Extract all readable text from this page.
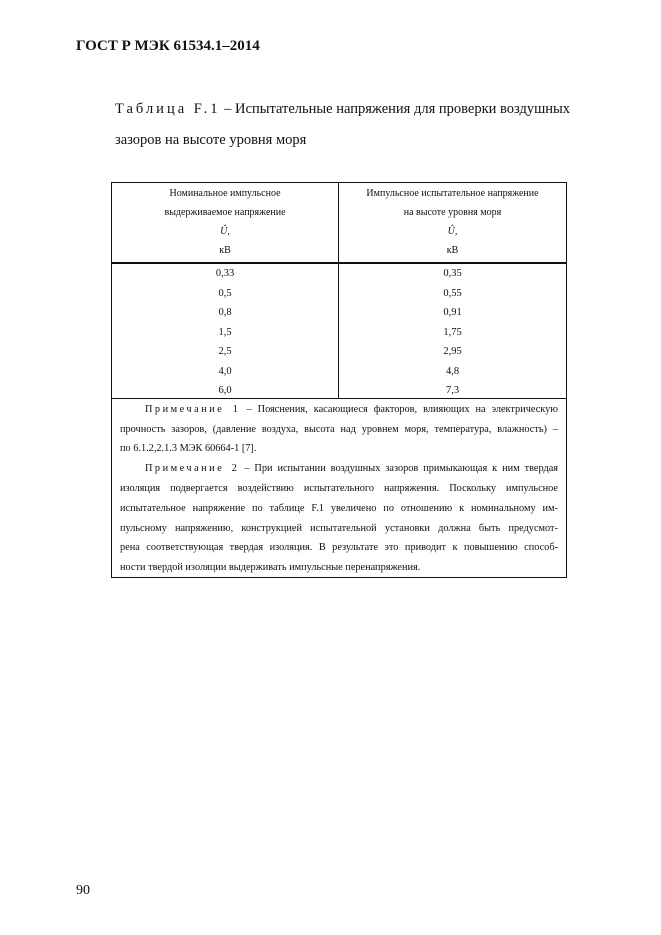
ГОСТ Р МЭК 61534.1–2014
Таблица F.1 – Испытательные напряжения для проверки воздушных
зазоров на высоте уровня моря
Номинальное импульсное
выдерживаемое напряжение
Û,
кВ
Импульсное испытательное напряжение
на высоте уровня моря
Û,
кВ
0,33
0,5
0,8
1,5
2,5
4,0
6,0
0,35
0,55
0,91
1,75
2,95
4,8
7,3
Примечание 1 – Пояснения, касающиеся факторов, влияющих на электрическую
прочность зазоров, (давление воздуха, высота над уровнем моря, температура, влажность) –
по 6.1.2,2.1.3 МЭК 60664-1 [7].
Примечание 2 – При испытании воздушных зазоров примыкающая к ним твердая
изоляция подвергается воздействию испытательного напряжения. Поскольку импульсное
испытательное напряжение по таблице F.1 увеличено по отношению к номинальному им-
пульсному напряжению, конструкцией испытательной установки должна быть предусмот-
рена соответствующая твердая изоляция. В результате это приводит к повышению способ-
ности твердой изоляции выдерживать импульсные перенапряжения.
90
